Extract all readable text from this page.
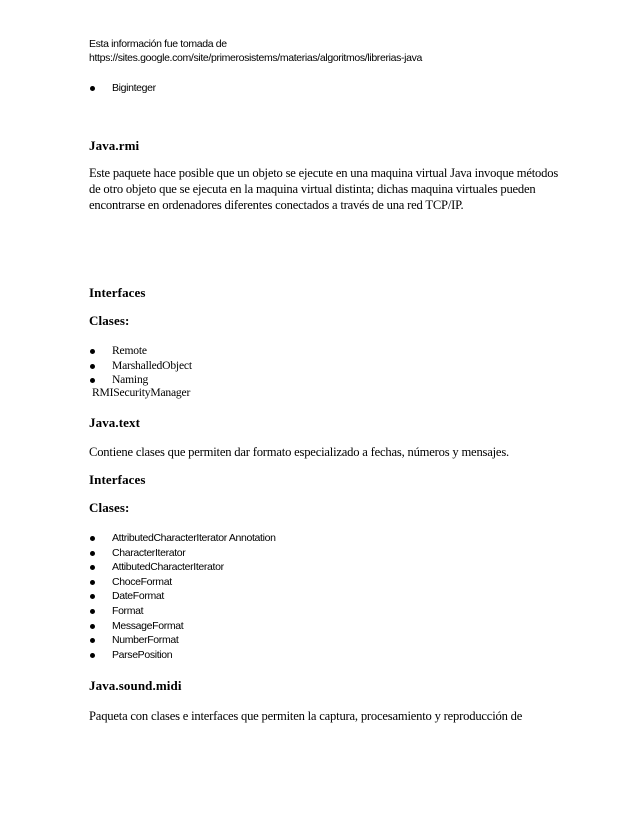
Esta información fue tomada de
https://sites.google.com/site/primerosistems/materias/algoritmos/librerias-java
Biginteger
Java.rmi
Este paquete hace posible que un objeto se ejecute en una maquina virtual Java invoque métodos
de otro objeto que se ejecuta en la maquina virtual distinta; dichas maquina virtuales pueden
encontrarse en ordenadores diferentes conectados a través de una red TCP/IP.
Interfaces
Clases:
Remote
MarshalledObject
Naming
RMISecurityManager
Java.text
Contiene clases que permiten dar formato especializado a fechas, números y mensajes.
Interfaces
Clases:
AttributedCharacterIterator Annotation
CharacterIterator
AttibutedCharacterIterator
ChoceFormat
DateFormat
Format
MessageFormat
NumberFormat
ParsePosition
Java.sound.midi
Paqueta con clases e interfaces que permiten la captura, procesamiento y reproducción de
